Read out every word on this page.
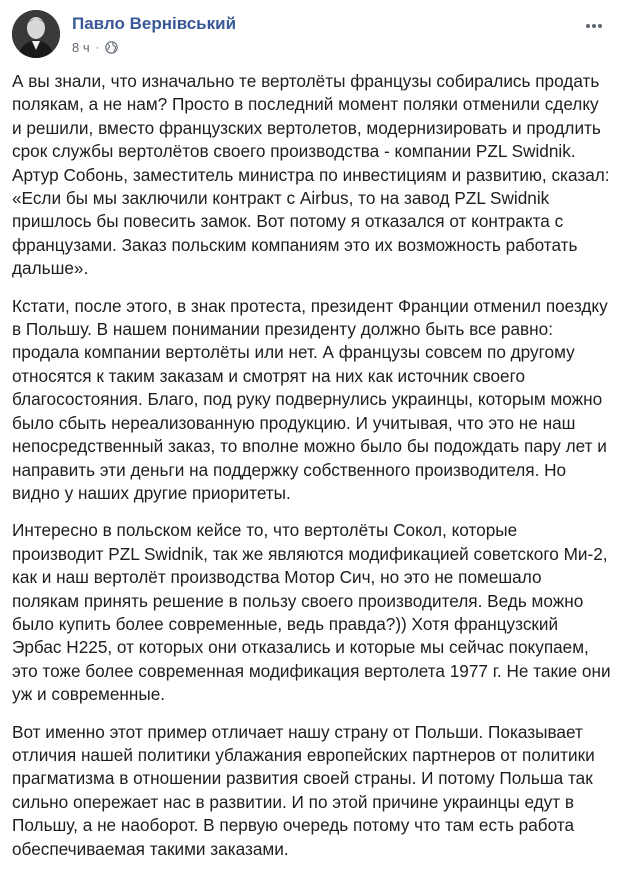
Павло Вернівський
8 ч ·

А вы знали, что изначально те вертолёты французы собирались продать полякам, а не нам? Просто в последний момент поляки отменили сделку и решили, вместо французских вертолетов, модернизировать и продлить срок службы вертолётов своего производства - компании PZL Swidnik. Артур Собонь, заместитель министра по инвестициям и развитию, сказал: «Если бы мы заключили контракт с Airbus, то на завод PZL Swidnik пришлось бы повесить замок. Вот потому я отказался от контракта с французами. Заказ польским компаниям это их возможность работать дальше».

Кстати, после этого, в знак протеста, президент Франции отменил поездку в Польшу. В нашем понимании президенту должно быть все равно: продала компании вертолёты или нет. А французы совсем по другому относятся к таким заказам и смотрят на них как источник своего благосостояния. Благо, под руку подвернулись украинцы, которым можно было сбыть нереализованную продукцию. И учитывая, что это не наш непосредственный заказ, то вполне можно было бы подождать пару лет и направить эти деньги на поддержку собственного производителя. Но видно у наших другие приоритеты.

Интересно в польском кейсе то, что вертолёты Сокол, которые производит PZL Swidnik, так же являются модификацией советского Ми-2, как и наш вертолёт производства Мотор Сич, но это не помешало полякам принять решение в пользу своего производителя. Ведь можно было купить более современные, ведь правда?)) Хотя французский Эрбас H225, от которых они отказались и которые мы сейчас покупаем, это тоже более современная модификация вертолета 1977 г. Не такие они уж и современные.

Вот именно этот пример отличает нашу страну от Польши. Показывает отличия нашей политики ублажания европейских партнеров от политики прагматизма в отношении развития своей страны. И потому Польша так сильно опережает нас в развитии. И по этой причине украинцы едут в Польшу, а не наоборот. В первую очередь потому что там есть работа обеспечиваемая такими заказами.
